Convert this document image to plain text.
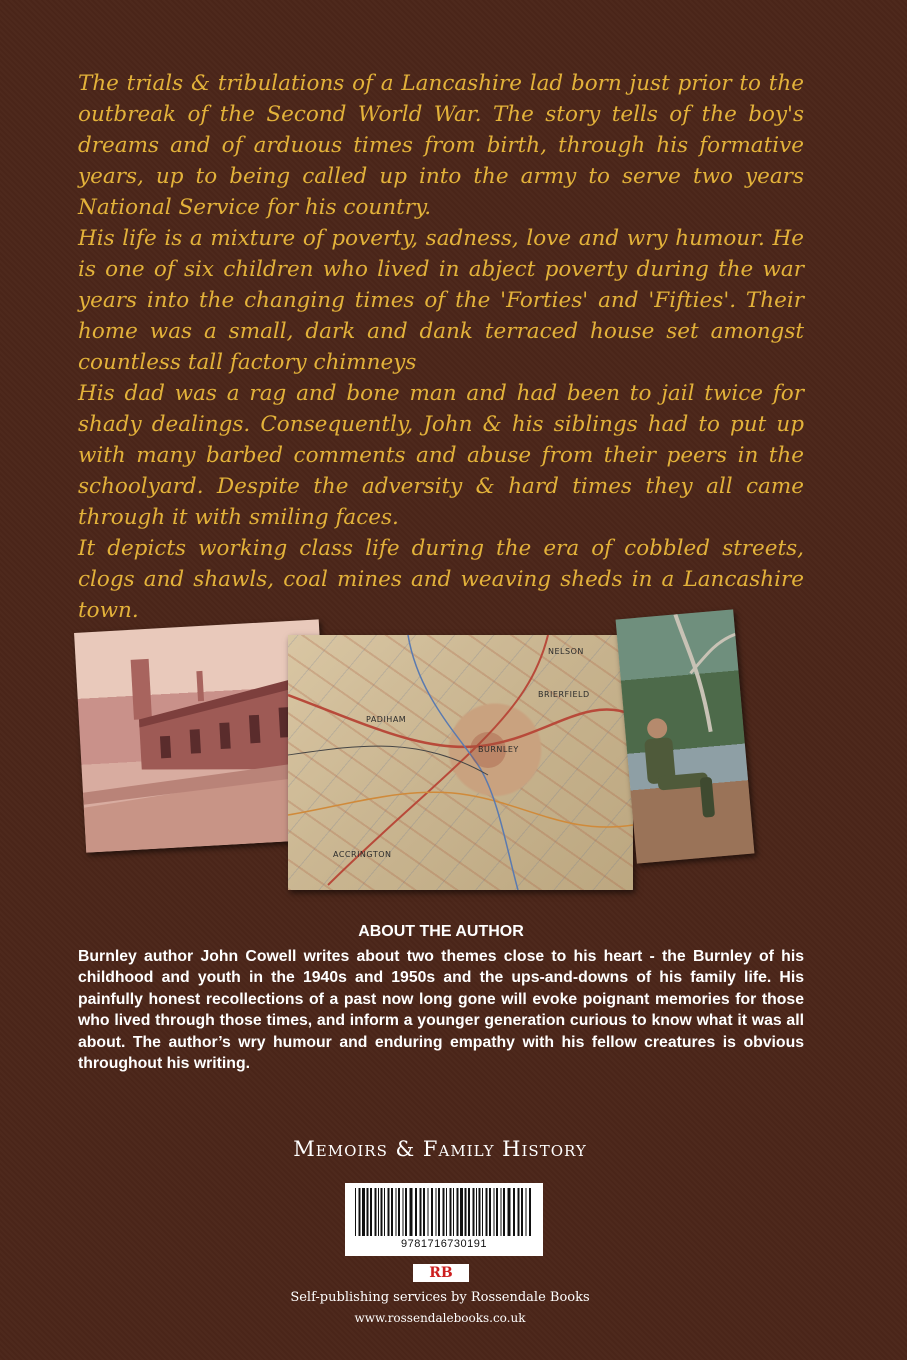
The trials & tribulations of a Lancashire lad born just prior to the outbreak of the Second World War. The story tells of the boy's dreams and of arduous times from birth, through his formative years, up to being called up into the army to serve two years National Service for his country.

His life is a mixture of poverty, sadness, love and wry humour. He is one of six children who lived in abject poverty during the war years into the changing times of the 'Forties' and 'Fifties'. Their home was a small, dark and dank terraced house set amongst countless tall factory chimneys

His dad was a rag and bone man and had been to jail twice for shady dealings. Consequently, John & his siblings had to put up with many barbed comments and abuse from their peers in the schoolyard. Despite the adversity & hard times they all came through it with smiling faces.

It depicts working class life during the era of cobbled streets, clogs and shawls, coal mines and weaving sheds in a Lancashire town.

BURNLEY
NELSON
PADIHAM
ACCRINGTON
BRIERFIELD

ABOUT THE AUTHOR

Burnley author John Cowell writes about two themes close to his heart - the Burnley of his childhood and youth in the 1940s and 1950s and the ups-and-downs of his family life. His painfully honest recollections of a past now long gone will evoke poignant memories for those who lived through those times, and inform a younger generation curious to know what it was all about. The author’s wry humour and enduring empathy with his fellow creatures is obvious throughout his writing.

Memoirs & Family History
9781716730191
RB
Self-publishing services by Rossendale Books
www.rossendalebooks.co.uk
